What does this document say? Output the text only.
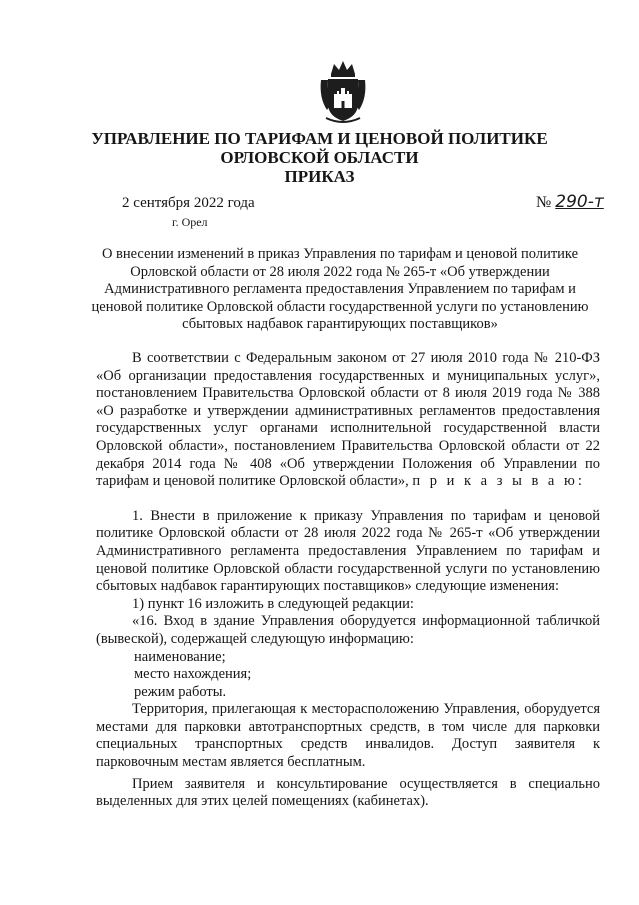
УПРАВЛЕНИЕ ПО ТАРИФАМ И ЦЕНОВОЙ ПОЛИТИКЕ
ОРЛОВСКОЙ ОБЛАСТИ
ПРИКАЗ
2 сентября 2022 года
г. Орел
№ 290-т
О внесении изменений в приказ Управления по тарифам и ценовой политике Орловской области от 28 июля 2022 года № 265-т «Об утверждении Административного регламента предоставления Управлением по тарифам и ценовой политике Орловской области государственной услуги по установлению сбытовых надбавок гарантирующих поставщиков»

В соответствии с Федеральным законом от 27 июля 2010 года № 210-ФЗ «Об организации предоставления государственных и муниципальных услуг», постановлением Правительства Орловской области от 8 июля 2019 года № 388 «О разработке и утверждении административных регламентов предоставления государственных услуг органами исполнительной государственной власти Орловской области», постановлением Правительства Орловской области от 22 декабря 2014 года № 408 «Об утверждении Положения об Управлении по тарифам и ценовой политике Орловской области», п р и к а з ы в а ю:

1. Внести в приложение к приказу Управления по тарифам и ценовой политике Орловской области от 28 июля 2022 года № 265-т «Об утверждении Административного регламента предоставления Управлением по тарифам и ценовой политике Орловской области государственной услуги по установлению сбытовых надбавок гарантирующих поставщиков» следующие изменения:

1) пункт 16 изложить в следующей редакции:

«16. Вход в здание Управления оборудуется информационной табличкой (вывеской), содержащей следующую информацию:

наименование;

место нахождения;

режим работы.

Территория, прилегающая к месторасположению Управления, оборудуется местами для парковки автотранспортных средств, в том числе для парковки специальных транспортных средств инвалидов. Доступ заявителя к парковочным местам является бесплатным.

Прием заявителя и консультирование осуществляется в специально выделенных для этих целей помещениях (кабинетах).
